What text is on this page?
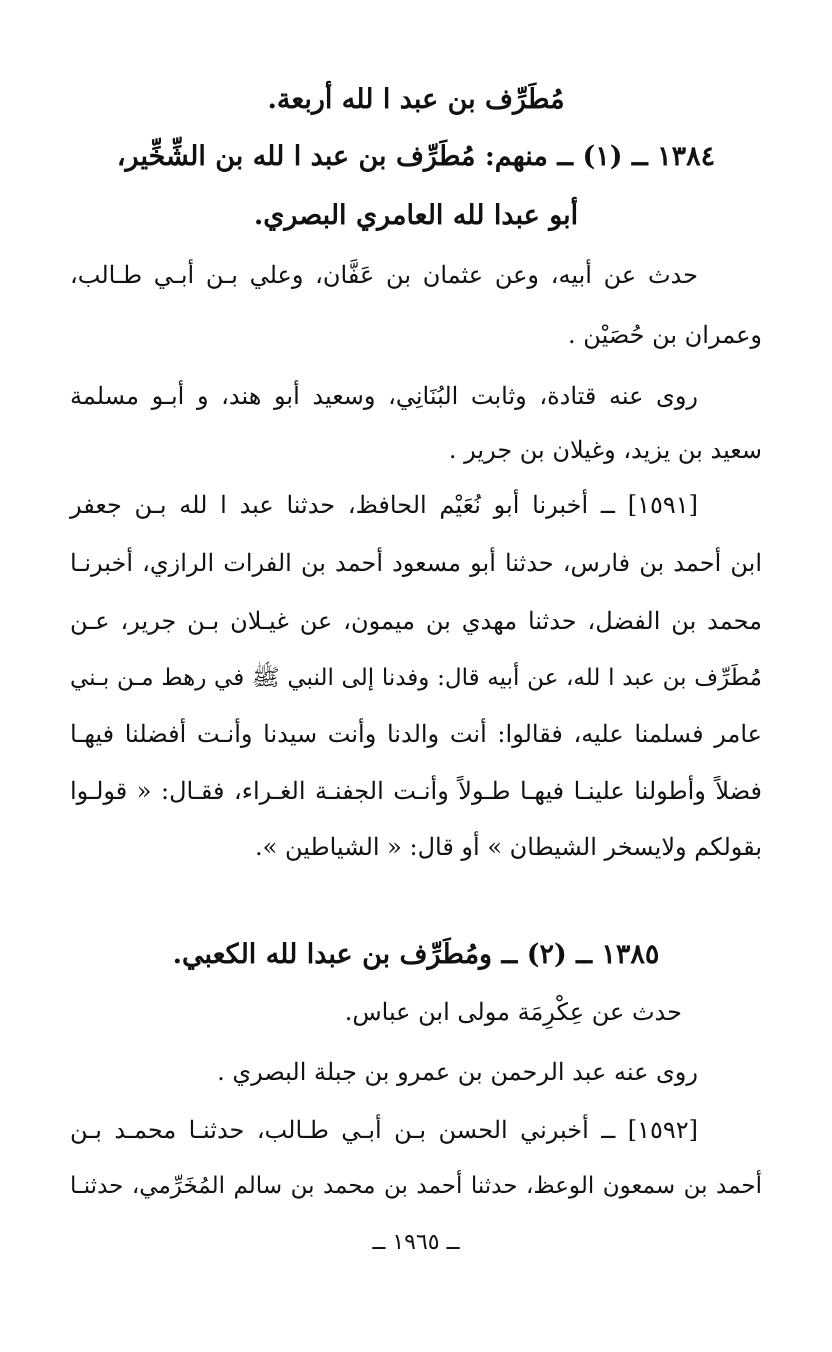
مُطَرِّف بن عبد ا لله أربعة.
١٣٨٤ ــ (١) ــ منهم: مُطَرِّف بن عبد ا لله بن الشِّخِّير،
أبو عبدا لله العامري البصري.
حدث عن أبيه، وعن عثمان بن عَفَّان، وعلي بـن أبـي طـالب،
وعمران بن حُصَيْن .
روى عنه قتادة، وثابت البُنَانِي، وسعيد أبو هند، و أبـو مسلمة
سعيد بن يزيد، وغيلان بن جرير .
[١٥٩١] ــ أخبرنا أبو نُعَيْم الحافظ، حدثنا عبد ا لله بـن جعفر
ابن أحمد بن فارس، حدثنا أبو مسعود أحمد بن الفرات الرازي، أخبرنـا
محمد بن الفضل، حدثنا مهدي بن ميمون، عن غيـلان بـن جرير، عـن
مُطَرِّف بن عبد ا لله، عن أبيه قال: وفدنا إلى النبي ﷺ في رهط مـن بـني
عامر فسلمنا عليه، فقالوا: أنت والدنا وأنت سيدنا وأنـت أفضلنا فيهـا
فضلاً وأطولنا علينـا فيهـا طـولاً وأنـت الجفنـة الغـراء، فقـال: « قولـوا
بقولكم ولايسخر الشيطان » أو قال: « الشياطين ».
١٣٨٥ ــ (٢) ــ ومُطَرِّف بن عبدا لله الكعبي.
حدث عن عِكْرِمَة مولى ابن عباس.
روى عنه عبد الرحمن بن عمرو بن جبلة البصري .
[١٥٩٢] ــ أخبرني الحسن بـن أبـي طـالب، حدثنـا محمـد بـن
أحمد بن سمعون الوعظ، حدثنا أحمد بن محمد بن سالم المُخَرِّمي، حدثنـا
ــ ١٩٦٥ ــ
